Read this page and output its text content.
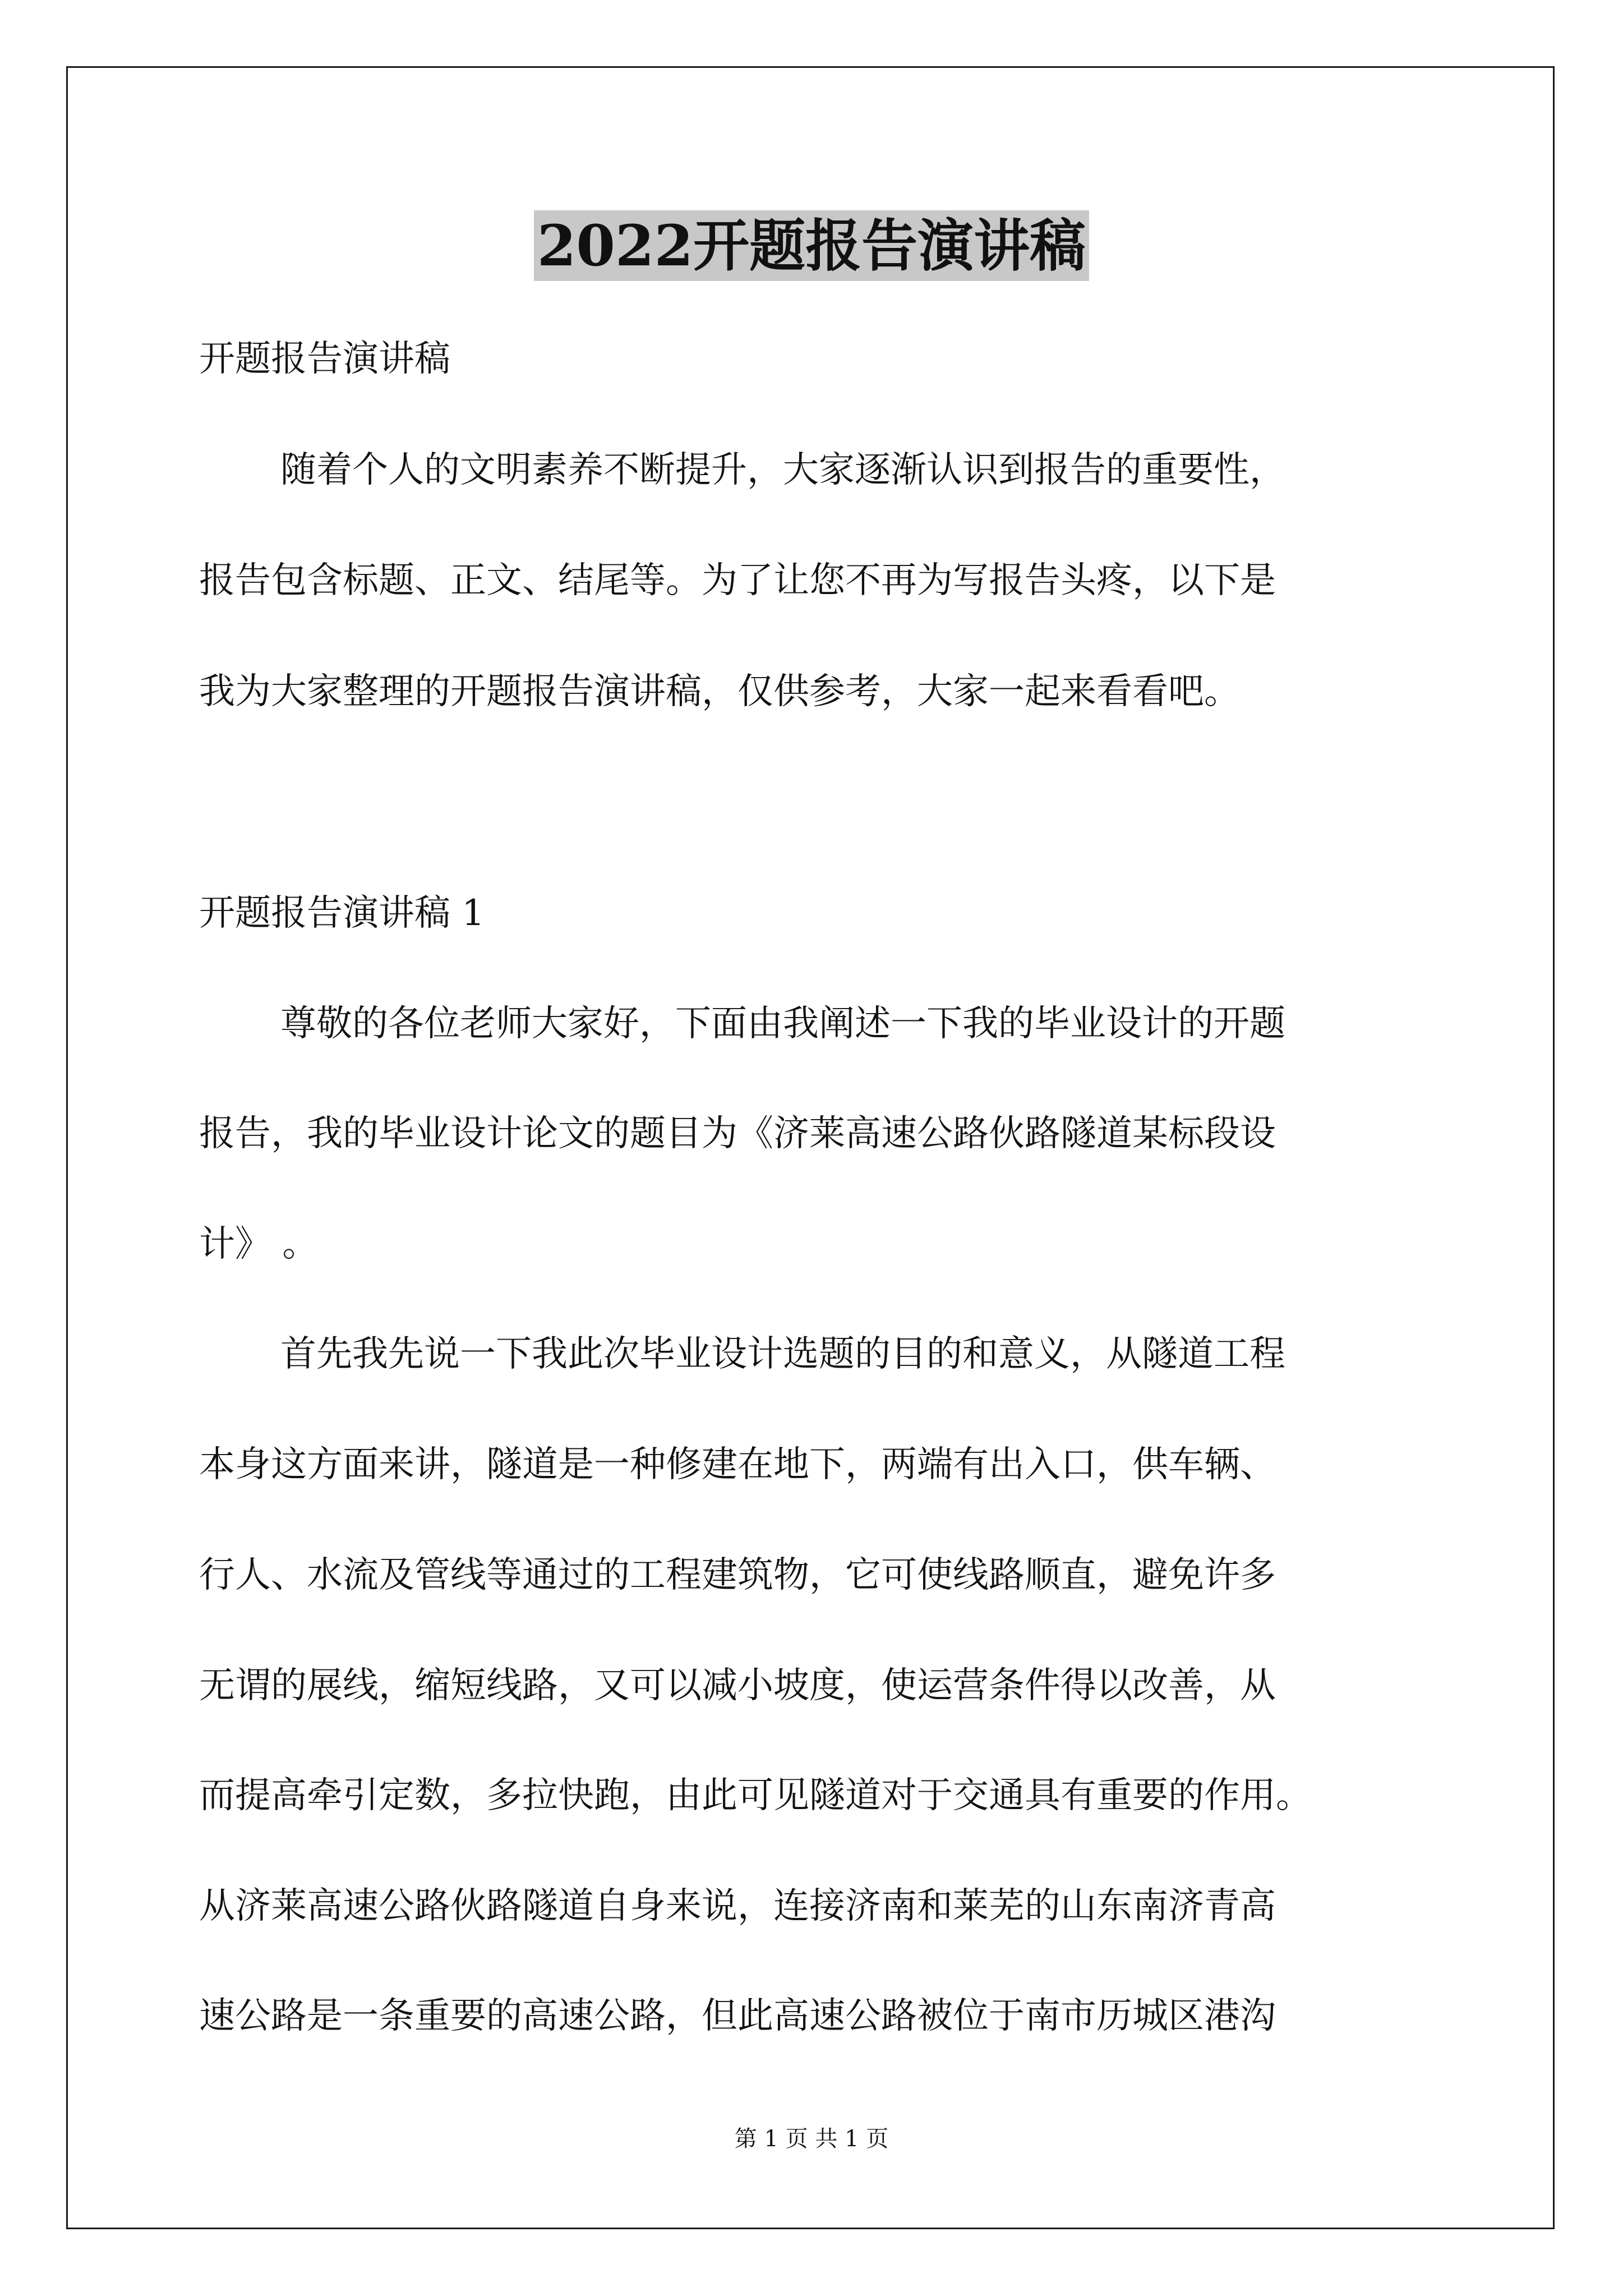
2022开题报告演讲稿

开题报告演讲稿

随着个人的文明素养不断提升，大家逐渐认识到报告的重要性，

报告包含标题、正文、结尾等。为了让您不再为写报告头疼，以下是

我为大家整理的开题报告演讲稿，仅供参考，大家一起来看看吧。

开题报告演讲稿 1

尊敬的各位老师大家好，下面由我阐述一下我的毕业设计的开题

报告，我的毕业设计论文的题目为《济莱高速公路伙路隧道某标段设

计》 。

首先我先说一下我此次毕业设计选题的目的和意义，从隧道工程

本身这方面来讲，隧道是一种修建在地下，两端有出入口，供车辆、

行人、水流及管线等通过的工程建筑物，它可使线路顺直，避免许多

无谓的展线，缩短线路，又可以减小坡度，使运营条件得以改善，从

而提高牵引定数，多拉快跑，由此可见隧道对于交通具有重要的作用。

从济莱高速公路伙路隧道自身来说，连接济南和莱芜的山东南济青高

速公路是一条重要的高速公路，但此高速公路被位于南市历城区港沟

第 1 页 共 1 页
